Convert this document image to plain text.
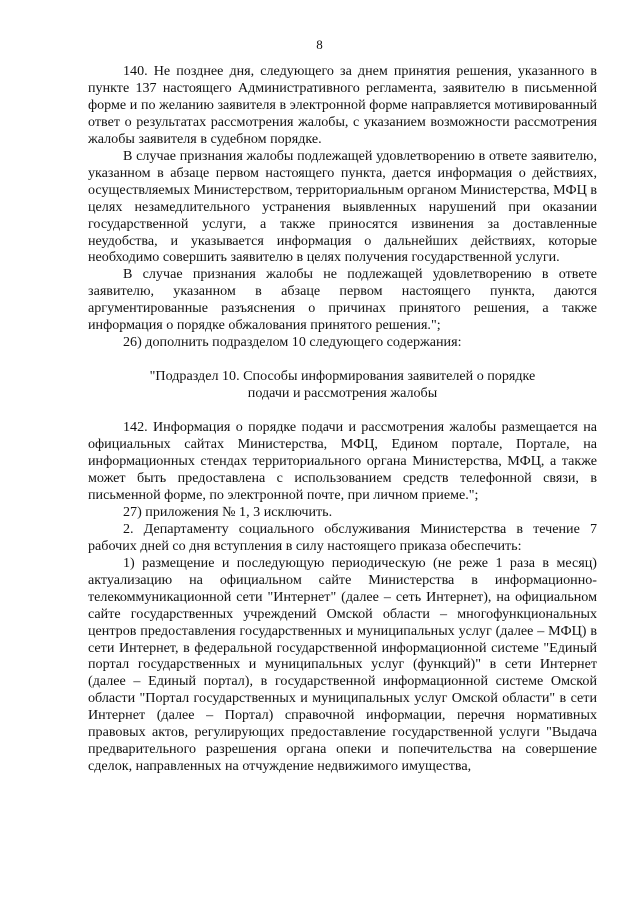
8

140. Не позднее дня, следующего за днем принятия решения, указанного в пункте 137 настоящего Административного регламента, заявителю в письменной форме и по желанию заявителя в электронной форме направляется мотивированный ответ о результатах рассмотрения жалобы, с указанием возможности рассмотрения жалобы заявителя в судебном порядке.

В случае признания жалобы подлежащей удовлетворению в ответе заявителю, указанном в абзаце первом настоящего пункта, дается информация о действиях, осуществляемых Министерством, территориальным органом Министерства, МФЦ в целях незамедлительного устранения выявленных нарушений при оказании государственной услуги, а также приносятся извинения за доставленные неудобства, и указывается информация о дальнейших действиях, которые необходимо совершить заявителю в целях получения государственной услуги.

В случае признания жалобы не подлежащей удовлетворению в ответе заявителю, указанном в абзаце первом настоящего пункта, даются аргументированные разъяснения о причинах принятого решения, а также информация о порядке обжалования принятого решения.";

26) дополнить подразделом 10 следующего содержания:

"Подраздел 10. Способы информирования заявителей о порядке
подачи и рассмотрения жалобы

142. Информация о порядке подачи и рассмотрения жалобы размещается на официальных сайтах Министерства, МФЦ, Едином портале, Портале, на информационных стендах территориального органа Министерства, МФЦ, а также может быть предоставлена с использованием средств телефонной связи, в письменной форме, по электронной почте, при личном приеме.";

27) приложения № 1, 3 исключить.

2. Департаменту социального обслуживания Министерства в течение 7 рабочих дней со дня вступления в силу настоящего приказа обеспечить:

1) размещение и последующую периодическую (не реже 1 раза в месяц) актуализацию на официальном сайте Министерства в информационно-телекоммуникационной сети "Интернет" (далее – сеть Интернет), на официальном сайте государственных учреждений Омской области – многофункциональных центров предоставления государственных и муниципальных услуг (далее – МФЦ) в сети Интернет, в федеральной государственной информационной системе "Единый портал государственных и муниципальных услуг (функций)" в сети Интернет (далее – Единый портал), в государственной информационной системе Омской области "Портал государственных и муниципальных услуг Омской области" в сети Интернет (далее – Портал) справочной информации, перечня нормативных правовых актов, регулирующих предоставление государственной услуги "Выдача предварительного разрешения органа опеки и попечительства на совершение сделок, направленных на отчуждение недвижимого имущества,
